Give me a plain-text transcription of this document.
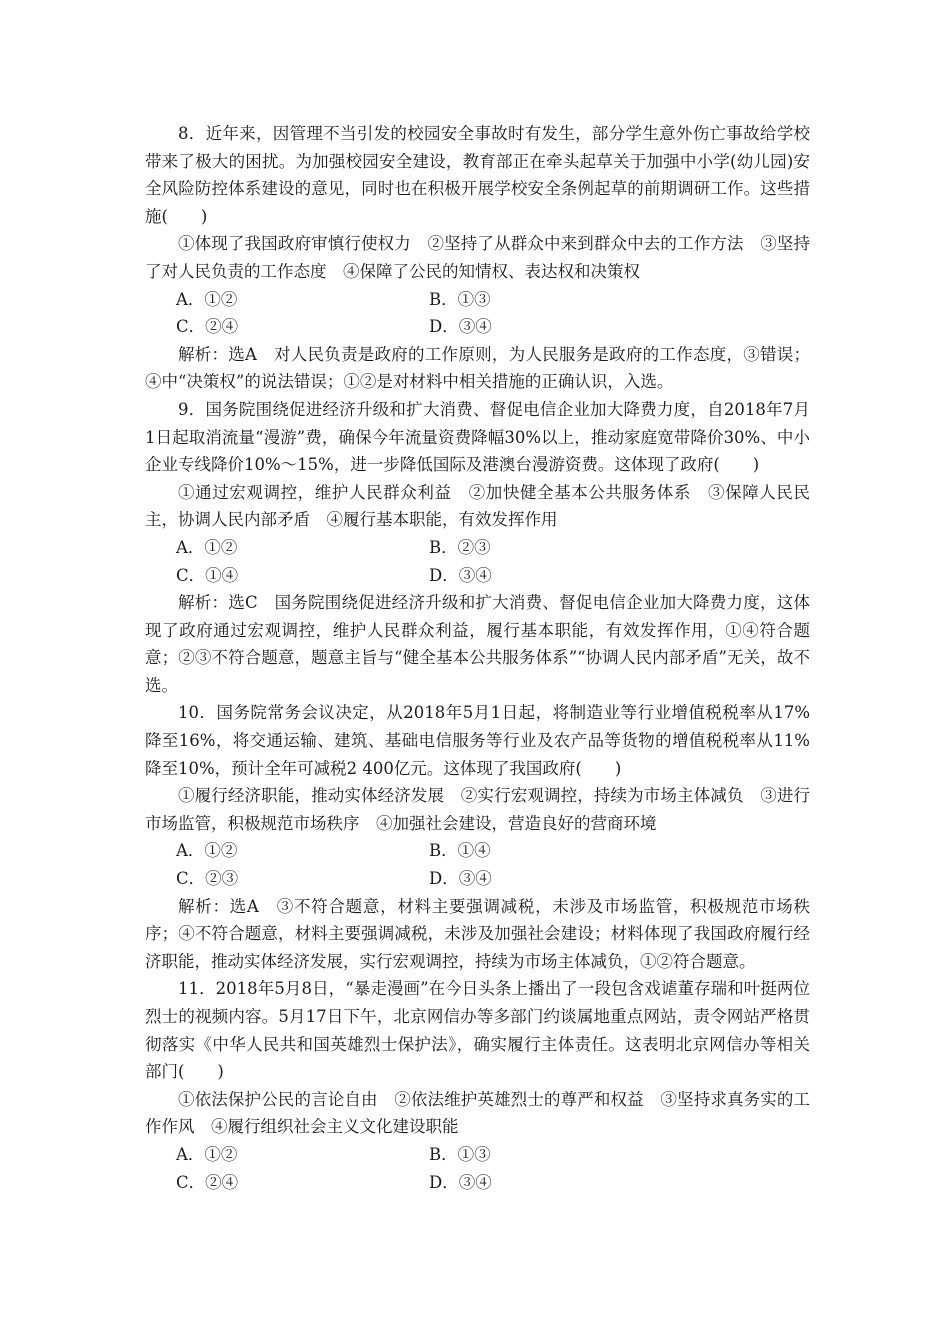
8．近年来，因管理不当引发的校园安全事故时有发生，部分学生意外伤亡事故给学校带来了极大的困扰。为加强校园安全建设，教育部正在牵头起草关于加强中小学(幼儿园)安全风险防控体系建设的意见，同时也在积极开展学校安全条例起草的前期调研工作。这些措施(　　)

①体现了我国政府审慎行使权力　②坚持了从群众中来到群众中去的工作方法　③坚持了对人民负责的工作态度　④保障了公民的知情权、表达权和决策权

A．①②	B．①③
C．②④	D．③④

解析：选A　对人民负责是政府的工作原则，为人民服务是政府的工作态度，③错误；④中“决策权”的说法错误；①②是对材料中相关措施的正确认识，入选。

9．国务院围绕促进经济升级和扩大消费、督促电信企业加大降费力度，自2018年7月1日起取消流量“漫游”费，确保今年流量资费降幅30%以上，推动家庭宽带降价30%、中小企业专线降价10%～15%，进一步降低国际及港澳台漫游资费。这体现了政府(　　)

①通过宏观调控，维护人民群众利益　②加快健全基本公共服务体系　③保障人民民主，协调人民内部矛盾　④履行基本职能，有效发挥作用

A．①②	B．②③
C．①④	D．③④

解析：选C　国务院围绕促进经济升级和扩大消费、督促电信企业加大降费力度，这体现了政府通过宏观调控，维护人民群众利益，履行基本职能，有效发挥作用，①④符合题意；②③不符合题意，题意主旨与“健全基本公共服务体系”“协调人民内部矛盾”无关，故不选。

10．国务院常务会议决定，从2018年5月1日起，将制造业等行业增值税税率从17%降至16%，将交通运输、建筑、基础电信服务等行业及农产品等货物的增值税税率从11%降至10%，预计全年可减税2 400亿元。这体现了我国政府(　　)

①履行经济职能，推动实体经济发展　②实行宏观调控，持续为市场主体减负　③进行市场监管，积极规范市场秩序　④加强社会建设，营造良好的营商环境

A．①②	B．①④
C．②③	D．③④

解析：选A　③不符合题意，材料主要强调减税，未涉及市场监管，积极规范市场秩序；④不符合题意，材料主要强调减税，未涉及加强社会建设；材料体现了我国政府履行经济职能，推动实体经济发展，实行宏观调控，持续为市场主体减负，①②符合题意。

11．2018年5月8日，“暴走漫画”在今日头条上播出了一段包含戏谑董存瑞和叶挺两位烈士的视频内容。5月17日下午，北京网信办等多部门约谈属地重点网站，责令网站严格贯彻落实《中华人民共和国英雄烈士保护法》，确实履行主体责任。这表明北京网信办等相关部门(　　)

①依法保护公民的言论自由　②依法维护英雄烈士的尊严和权益　③坚持求真务实的工作作风　④履行组织社会主义文化建设职能

A．①②	B．①③
C．②④	D．③④
